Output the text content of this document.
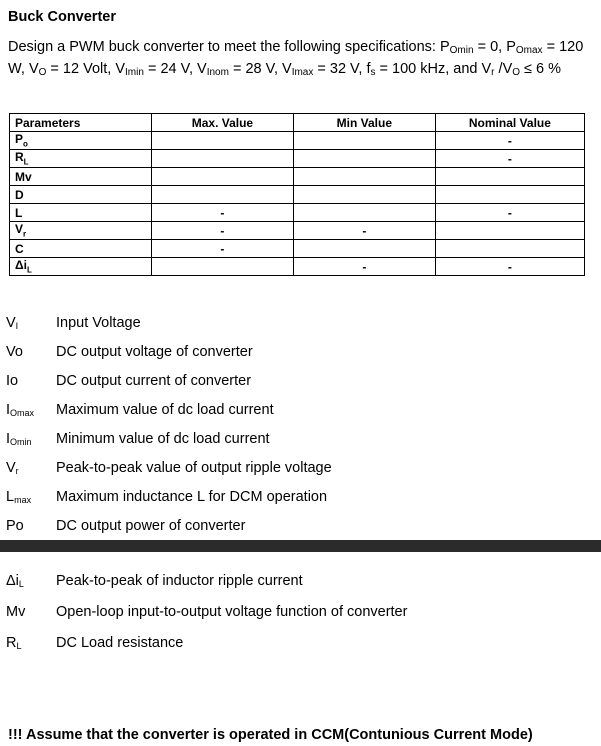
Buck Converter
Design a PWM buck converter to meet the following specifications: $P_{Omin} = 0$, $P_{Omax} = 120$ W, $V_O = 12$ Volt, $V_{Imin} = 24$ V, $V_{Inom} = 28$ V, $V_{Imax} = 32$ V, $f_s = 100$ kHz, and $V_r$ $/V_O \le 6$ %
Parameters	Max. Value	Min Value	Nominal Value
$P_o$			-
$R_L$			-
Mv			
D			
L	-		-
$V_r$	-	-	
C	-		
$\Delta i_L$		-	-
$V_I$	Input Voltage
Vo	DC output voltage of converter
Io	DC output current of converter
$I_{Omax}$	Maximum value of dc load current
$I_{Omin}$	Minimum value of dc load current
$V_r$	Peak-to-peak value of output ripple voltage
$L_{max}$	Maximum inductance L for DCM operation
Po	DC output power of converter
$\Delta i_L$	Peak-to-peak of inductor ripple current
Mv	Open-loop input-to-output voltage function of converter
$R_L$	DC Load resistance
!!! Assume that the converter is operated in CCM(Contunious Current Mode)
